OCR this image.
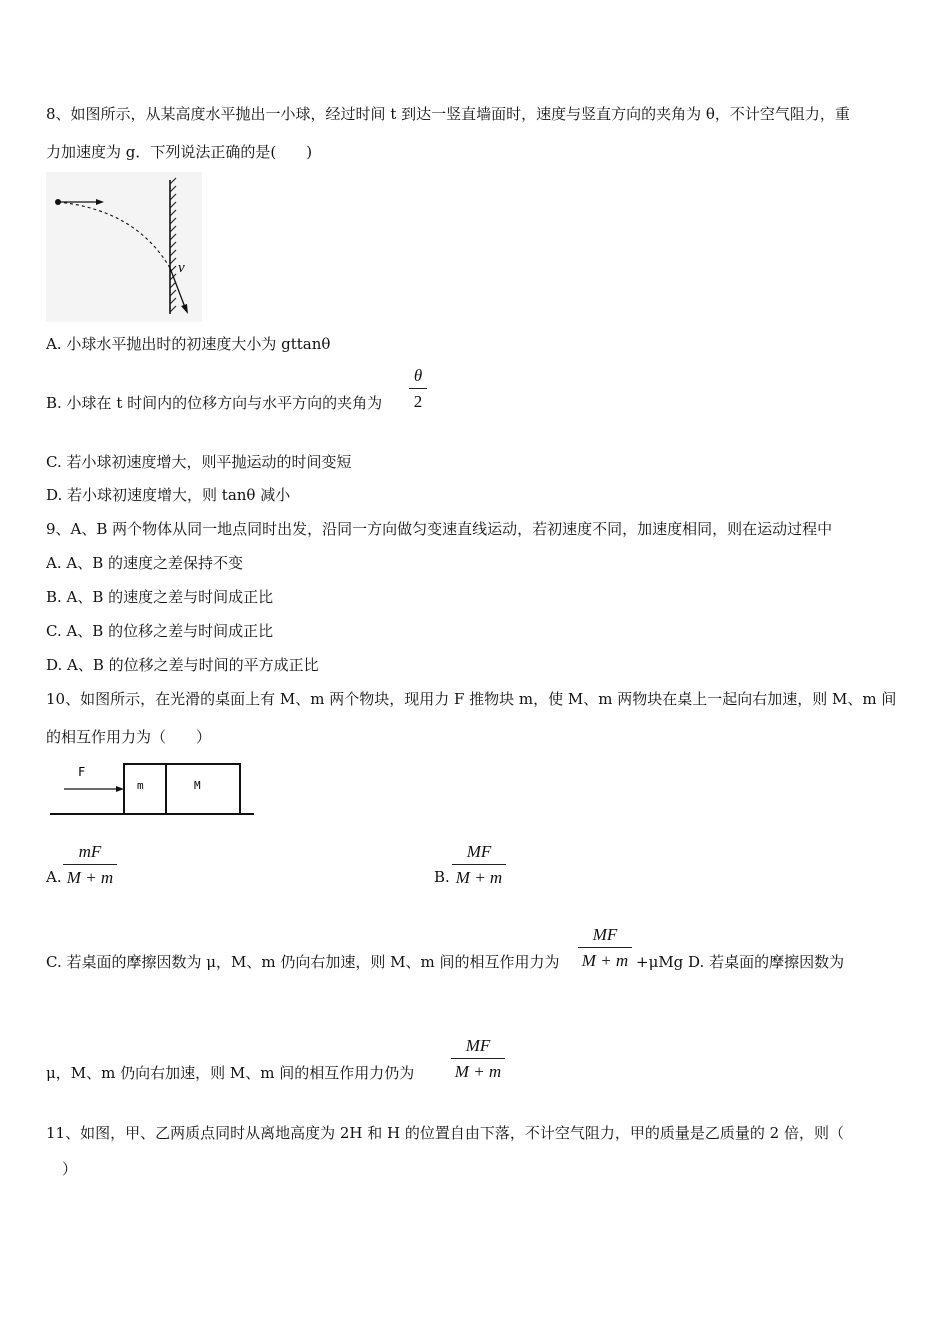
8、如图所示，从某高度水平抛出一小球，经过时间 t 到达一竖直墙面时，速度与竖直方向的夹角为 θ，不计空气阻力，重
力加速度为 g．下列说法正确的是(　　)
v
A. 小球水平抛出时的初速度大小为 gttanθ
B. 小球在 t 时间内的位移方向与水平方向的夹角为 $\frac{\theta}{2}$
C. 若小球初速度增大，则平抛运动的时间变短
D. 若小球初速度增大，则 tanθ 减小
9、A、B 两个物体从同一地点同时出发，沿同一方向做匀变速直线运动，若初速度不同，加速度相同，则在运动过程中
A. A、B 的速度之差保持不变
B. A、B 的速度之差与时间成正比
C. A、B 的位移之差与时间成正比
D. A、B 的位移之差与时间的平方成正比
10、如图所示，在光滑的桌面上有 M、m 两个物块，现用力 F 推物块 m，使 M、m 两物块在桌上一起向右加速，则 M、m 间
的相互作用力为（　　）
F
m	M
A. $\frac{mF}{M + m}$	B. $\frac{MF}{M + m}$
C. 若桌面的摩擦因数为 μ，M、m 仍向右加速，则 M、m 间的相互作用力为 $\frac{MF}{M + m} +\mu Mg$ D. 若桌面的摩擦因数为
μ，M、m 仍向右加速，则 M、m 间的相互作用力仍为 $\frac{MF}{M + m}$
11、如图，甲、乙两质点同时从离地高度为 2H 和 H 的位置自由下落，不计空气阻力，甲的质量是乙质量的 2 倍，则（
）
